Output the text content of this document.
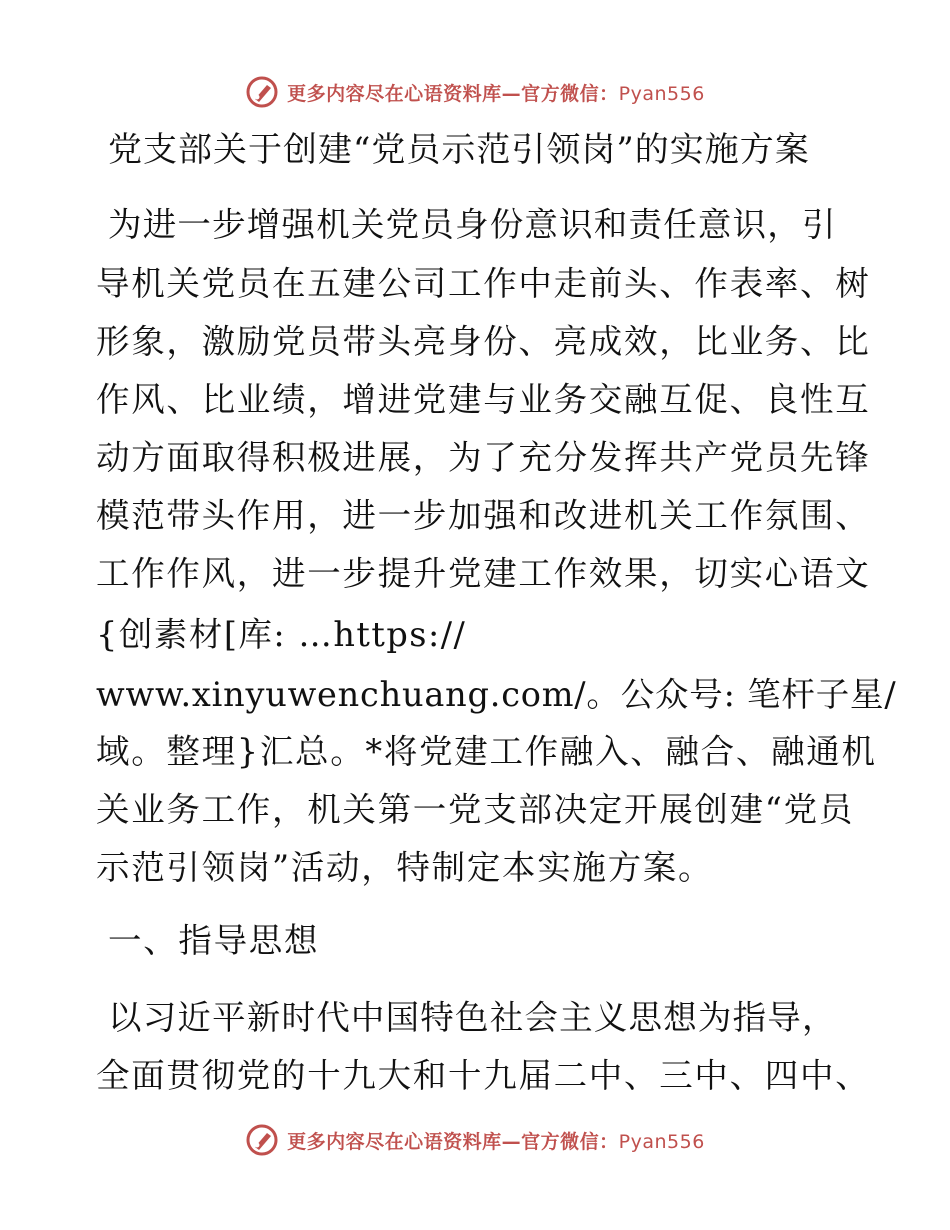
更多内容尽在心语资料库—官方微信：Pyan556
党支部关于创建“党员示范引领岗”的实施方案

为进一步增强机关党员身份意识和责任意识，引

导机关党员在五建公司工作中走前头、作表率、树

形象，激励党员带头亮身份、亮成效，比业务、比

作风、比业绩，增进党建与业务交融互促、良性互

动方面取得积极进展，为了充分发挥共产党员先锋

模范带头作用，进一步加强和改进机关工作氛围、

工作作风，进一步提升党建工作效果，切实心语文

{创素材[库: …https://

www.xinyuwenchuang.com/。公众号: 笔杆子星/

域。整理}汇总。*将党建工作融入、融合、融通机

关业务工作，机关第一党支部决定开展创建“党员

示范引领岗”活动，特制定本实施方案。

一、指导思想

以习近平新时代中国特色社会主义思想为指导，

全面贯彻党的十九大和十九届二中、三中、四中、

更多内容尽在心语资料库—官方微信：Pyan556
